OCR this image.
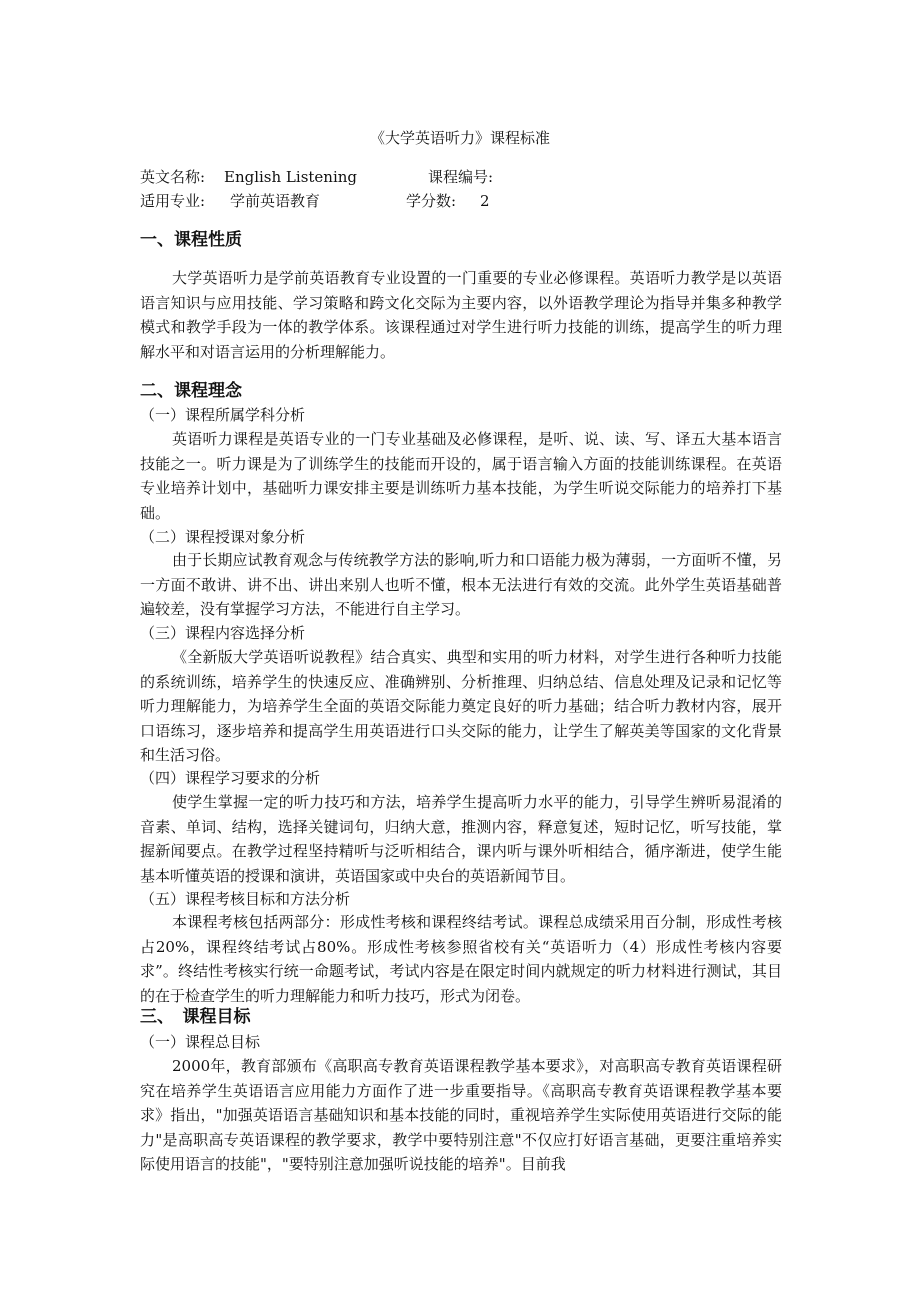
《大学英语听力》课程标准
英文名称: English Listening	课程编号:
适用专业: 学前英语教育	学分数: 2
一、课程性质
大学英语听力是学前英语教育专业设置的一门重要的专业必修课程。英语听力教学是以英语语言知识与应用技能、学习策略和跨文化交际为主要内容，以外语教学理论为指导并集多种教学模式和教学手段为一体的教学体系。该课程通过对学生进行听力技能的训练，提高学生的听力理解水平和对语言运用的分析理解能力。
二、课程理念
（一）课程所属学科分析
英语听力课程是英语专业的一门专业基础及必修课程，是听、说、读、写、译五大基本语言技能之一。听力课是为了训练学生的技能而开设的，属于语言输入方面的技能训练课程。在英语专业培养计划中，基础听力课安排主要是训练听力基本技能，为学生听说交际能力的培养打下基础。
（二）课程授课对象分析
由于长期应试教育观念与传统教学方法的影响,听力和口语能力极为薄弱，一方面听不懂，另一方面不敢讲、讲不出、讲出来别人也听不懂，根本无法进行有效的交流。此外学生英语基础普遍较差，没有掌握学习方法，不能进行自主学习。
（三）课程内容选择分析
《全新版大学英语听说教程》结合真实、典型和实用的听力材料，对学生进行各种听力技能的系统训练，培养学生的快速反应、准确辨别、分析推理、归纳总结、信息处理及记录和记忆等听力理解能力，为培养学生全面的英语交际能力奠定良好的听力基础；结合听力教材内容，展开口语练习，逐步培养和提高学生用英语进行口头交际的能力，让学生了解英美等国家的文化背景和生活习俗。
（四）课程学习要求的分析
使学生掌握一定的听力技巧和方法，培养学生提高听力水平的能力，引导学生辨听易混淆的音素、单词、结构，选择关键词句，归纳大意，推测内容，释意复述，短时记忆，听写技能，掌握新闻要点。在教学过程坚持精听与泛听相结合，课内听与课外听相结合，循序渐进，使学生能基本听懂英语的授课和演讲，英语国家或中央台的英语新闻节目。
（五）课程考核目标和方法分析
本课程考核包括两部分：形成性考核和课程终结考试。课程总成绩采用百分制，形成性考核占20%，课程终结考试占80%。形成性考核参照省校有关“英语听力（4）形成性考核内容要求”。终结性考核实行统一命题考试，考试内容是在限定时间内就规定的听力材料进行测试，其目的在于检查学生的听力理解能力和听力技巧，形式为闭卷。
三、　课程目标
（一）课程总目标
2000年，教育部颁布《高职高专教育英语课程教学基本要求》，对高职高专教育英语课程研究在培养学生英语语言应用能力方面作了进一步重要指导。《高职高专教育英语课程教学基本要求》指出，"加强英语语言基础知识和基本技能的同时，重视培养学生实际使用英语进行交际的能力"是高职高专英语课程的教学要求，教学中要特别注意"不仅应打好语言基础，更要注重培养实际使用语言的技能"，"要特别注意加强听说技能的培养"。目前我
